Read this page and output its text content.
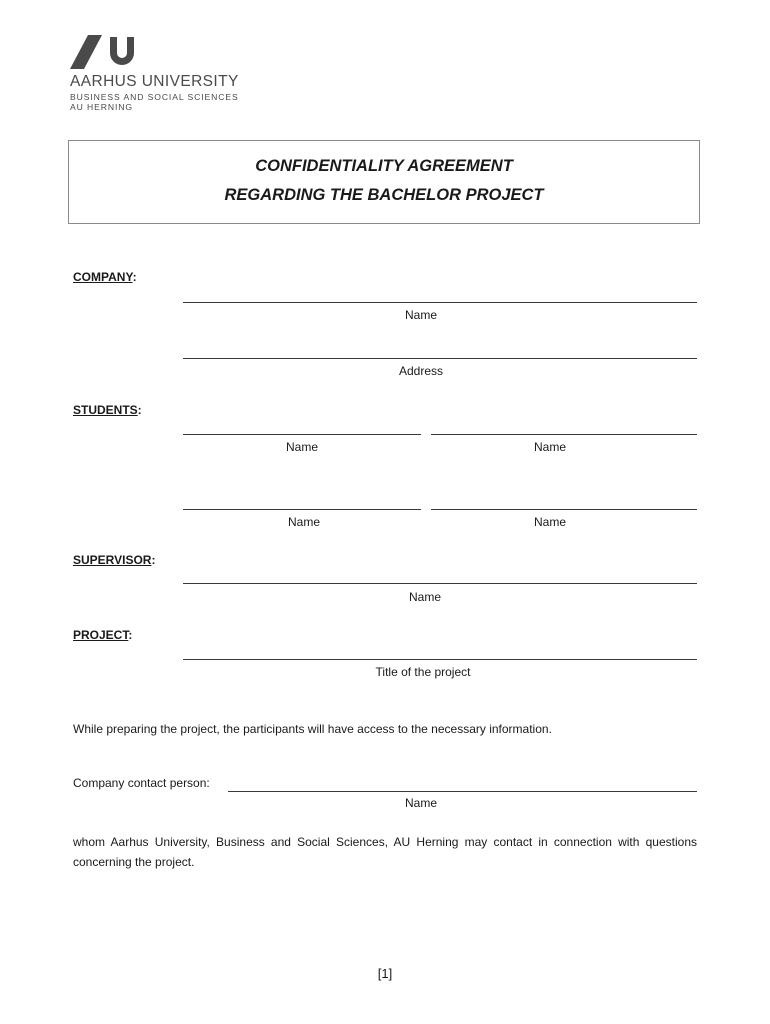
AARHUS UNIVERSITY
BUSINESS AND SOCIAL SCIENCES
AU HERNING
CONFIDENTIALITY AGREEMENT
REGARDING THE BACHELOR PROJECT
COMPANY:
Name
Address
STUDENTS:
Name	Name
Name	Name
SUPERVISOR:
Name
PROJECT:
Title of the project
While preparing the project, the participants will have access to the necessary information.
Company contact person:
Name
whom Aarhus University, Business and Social Sciences, AU Herning may contact in connection with questions concerning the project.
[1]
